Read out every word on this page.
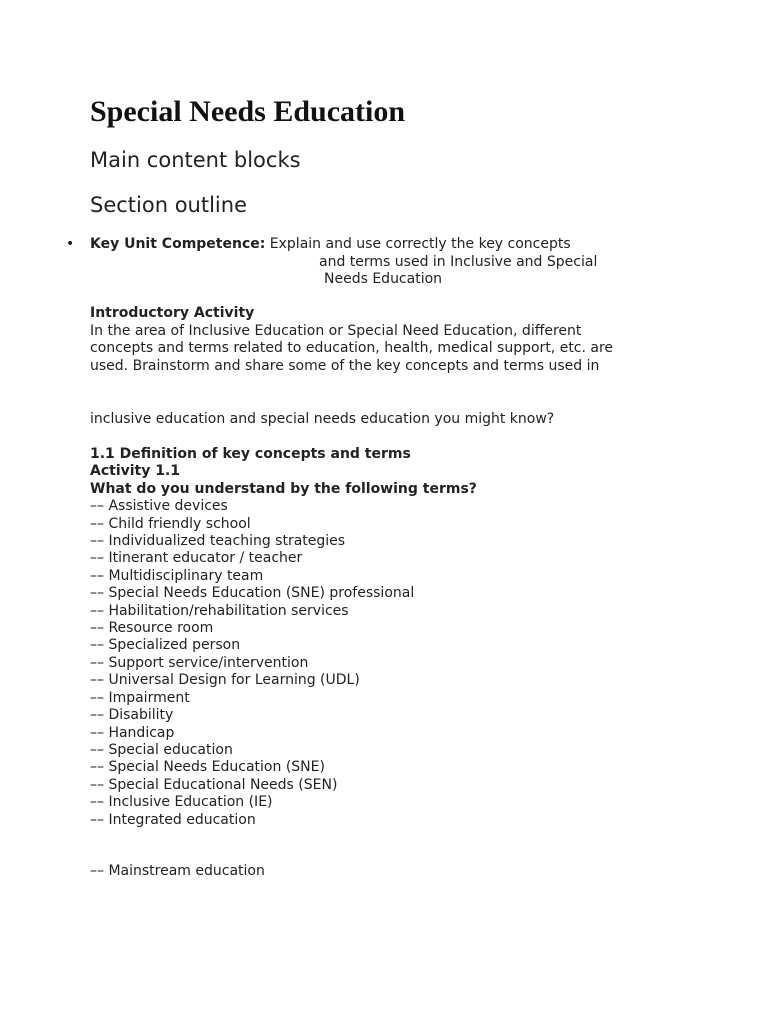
Special Needs Education
Main content blocks
Section outline
• Key Unit Competence: Explain and use correctly the key concepts
and terms used in Inclusive and Special
Needs Education
Introductory Activity
In the area of Inclusive Education or Special Need Education, different
concepts and terms related to education, health, medical support, etc. are
used. Brainstorm and share some of the key concepts and terms used in
inclusive education and special needs education you might know?
1.1 Definition of key concepts and terms
Activity 1.1
What do you understand by the following terms?
–– Assistive devices
–– Child friendly school
–– Individualized teaching strategies
–– Itinerant educator / teacher
–– Multidisciplinary team
–– Special Needs Education (SNE) professional
–– Habilitation/rehabilitation services
–– Resource room
–– Specialized person
–– Support service/intervention
–– Universal Design for Learning (UDL)
–– Impairment
–– Disability
–– Handicap
–– Special education
–– Special Needs Education (SNE)
–– Special Educational Needs (SEN)
–– Inclusive Education (IE)
–– Integrated education
–– Mainstream education
